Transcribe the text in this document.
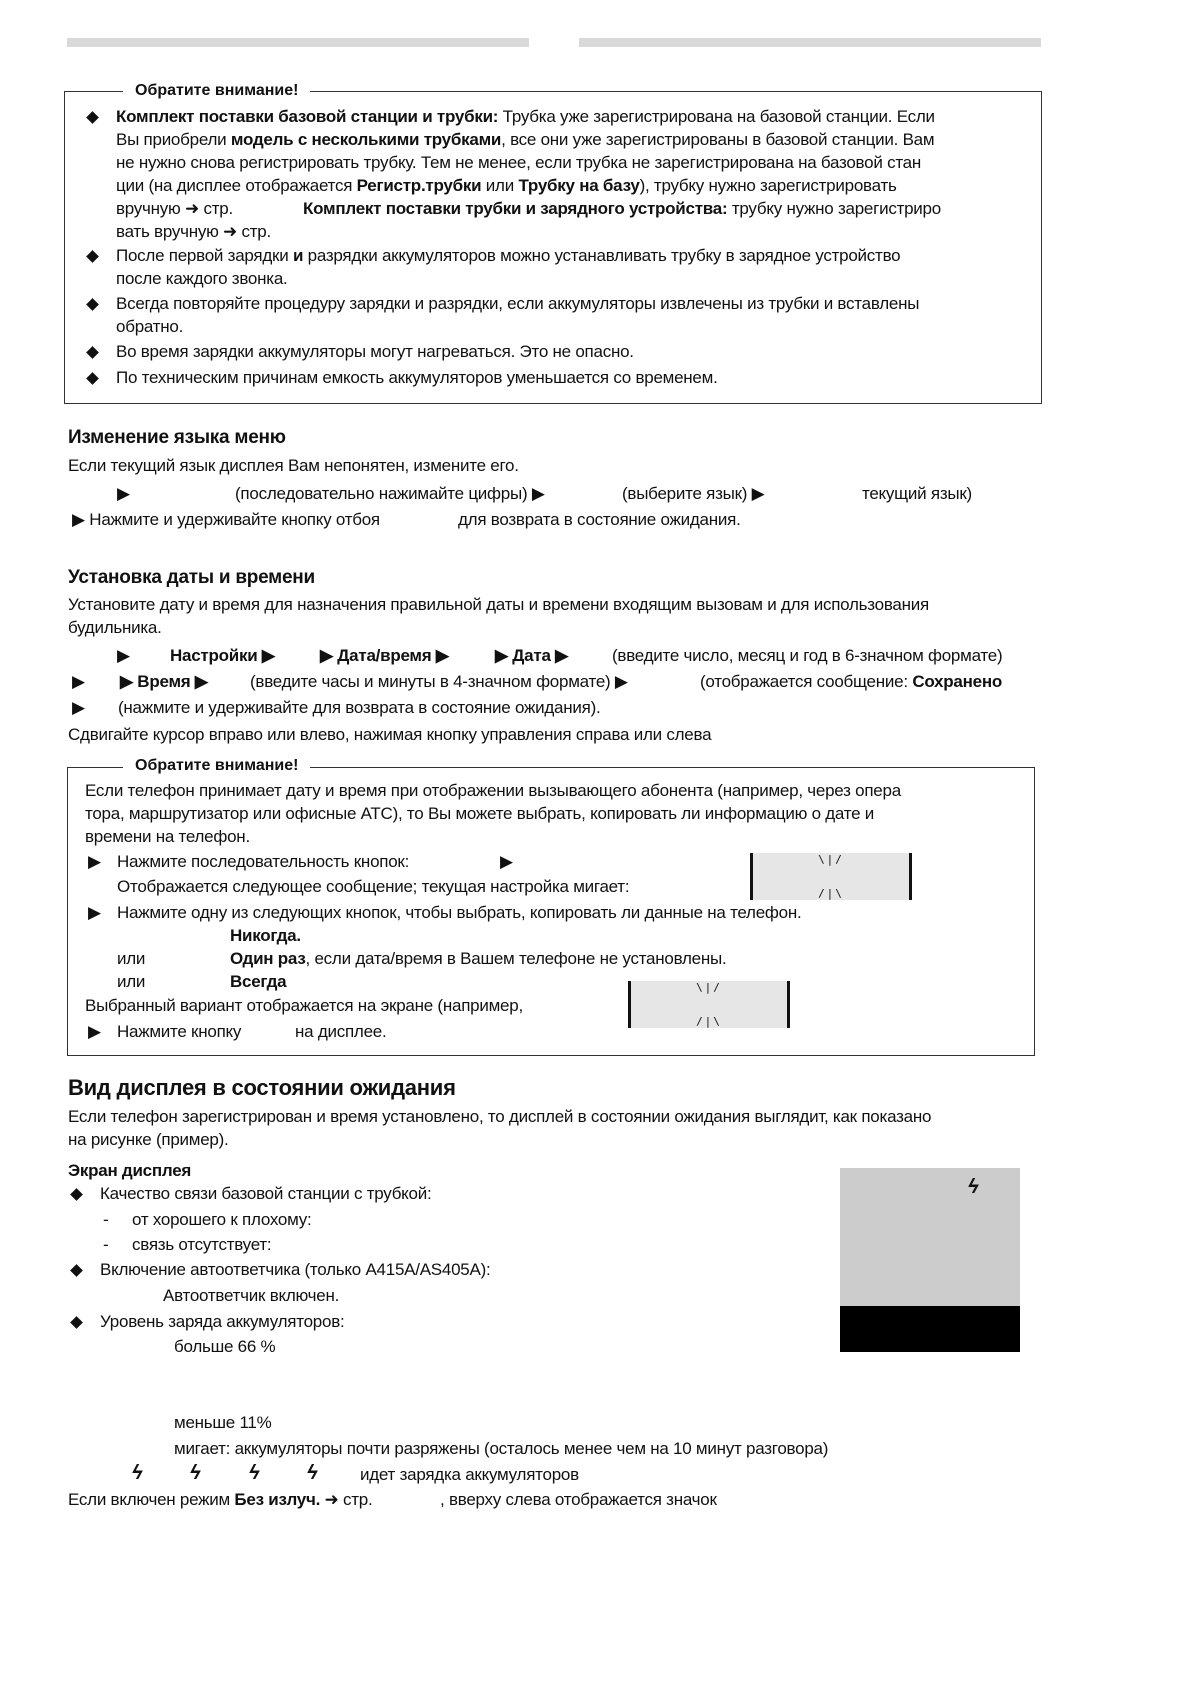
Обратите внимание!
Обратите внимание!
\|/
/|\
\|/
/|\
ϟ
ϟ ϟ ϟ ϟ
Комплект поставки базовой станции и трубки: Трубка уже зарегистрирована на базовой станции. Если
Вы приобрели модель с несколькими трубками, все они уже зарегистрированы в базовой станции. Вам
не нужно снова регистрировать трубку. Тем не менее, если трубка не зарегистрирована на базовой стан
ции (на дисплее отображается Регистр.трубки или Трубку на базу), трубку нужно зарегистрировать
вручную ➜ стр.	Комплект поставки трубки и зарядного устройства: трубку нужно зарегистриро
вать вручную ➜ стр.
После первой зарядки и разрядки аккумуляторов можно устанавливать трубку в зарядное устройство
после каждого звонка.
Всегда повторяйте процедуру зарядки и разрядки, если аккумуляторы извлечены из трубки и вставлены
обратно.
Во время зарядки аккумуляторы могут нагреваться. Это не опасно.
По техническим причинам емкость аккумуляторов уменьшается со временем.
Изменение языка меню
Если текущий язык дисплея Вам непонятен, измените его.
▶	(последовательно нажимайте цифры) ▶	(выберите язык) ▶	текущий язык)
▶ Нажмите и удерживайте кнопку отбоя	для возврата в состояние ожидания.
Установка даты и времени
Установите дату и время для назначения правильной даты и времени входящим вызовам и для использования
будильника.
▶ Настройки ▶	▶ Дата/время ▶	▶ Дата ▶	(введите число, месяц и год в 6-значном формате)
▶ ▶ Время ▶ (введите часы и минуты в 4-значном формате) ▶	(отображается сообщение: Сохранено
▶ (нажмите и удерживайте для возврата в состояние ожидания).
Сдвигайте курсор вправо или влево, нажимая кнопку управления справа или слева
Если телефон принимает дату и время при отображении вызывающего абонента (например, через опера
тора, маршрутизатор или офисные АТС), то Вы можете выбрать, копировать ли информацию о дате и
времени на телефон.
▶ Нажмите последовательность кнопок:	▶
Отображается следующее сообщение; текущая настройка мигает:
▶ Нажмите одну из следующих кнопок, чтобы выбрать, копировать ли данные на телефон.
Никогда.
или	Один раз, если дата/время в Вашем телефоне не установлены.
или	Всегда
Выбранный вариант отображается на экране (например,
▶ Нажмите кнопку	на дисплее.
Вид дисплея в состоянии ожидания
Если телефон зарегистрирован и время установлено, то дисплей в состоянии ожидания выглядит, как показано
на рисунке (пример).
Экран дисплея
Качество связи базовой станции с трубкой:
- от хорошего к плохому:
- связь отсутствует:
Включение автоответчика (только A415A/AS405A):
Автоответчик включен.
Уровень заряда аккумуляторов:
больше 66 %
меньше 11%
мигает: аккумуляторы почти разряжены (осталось менее чем на 10 минут разговора)
идет зарядка аккумуляторов
Если включен режим Без излуч. ➜ стр.	, вверху слева отображается значок
